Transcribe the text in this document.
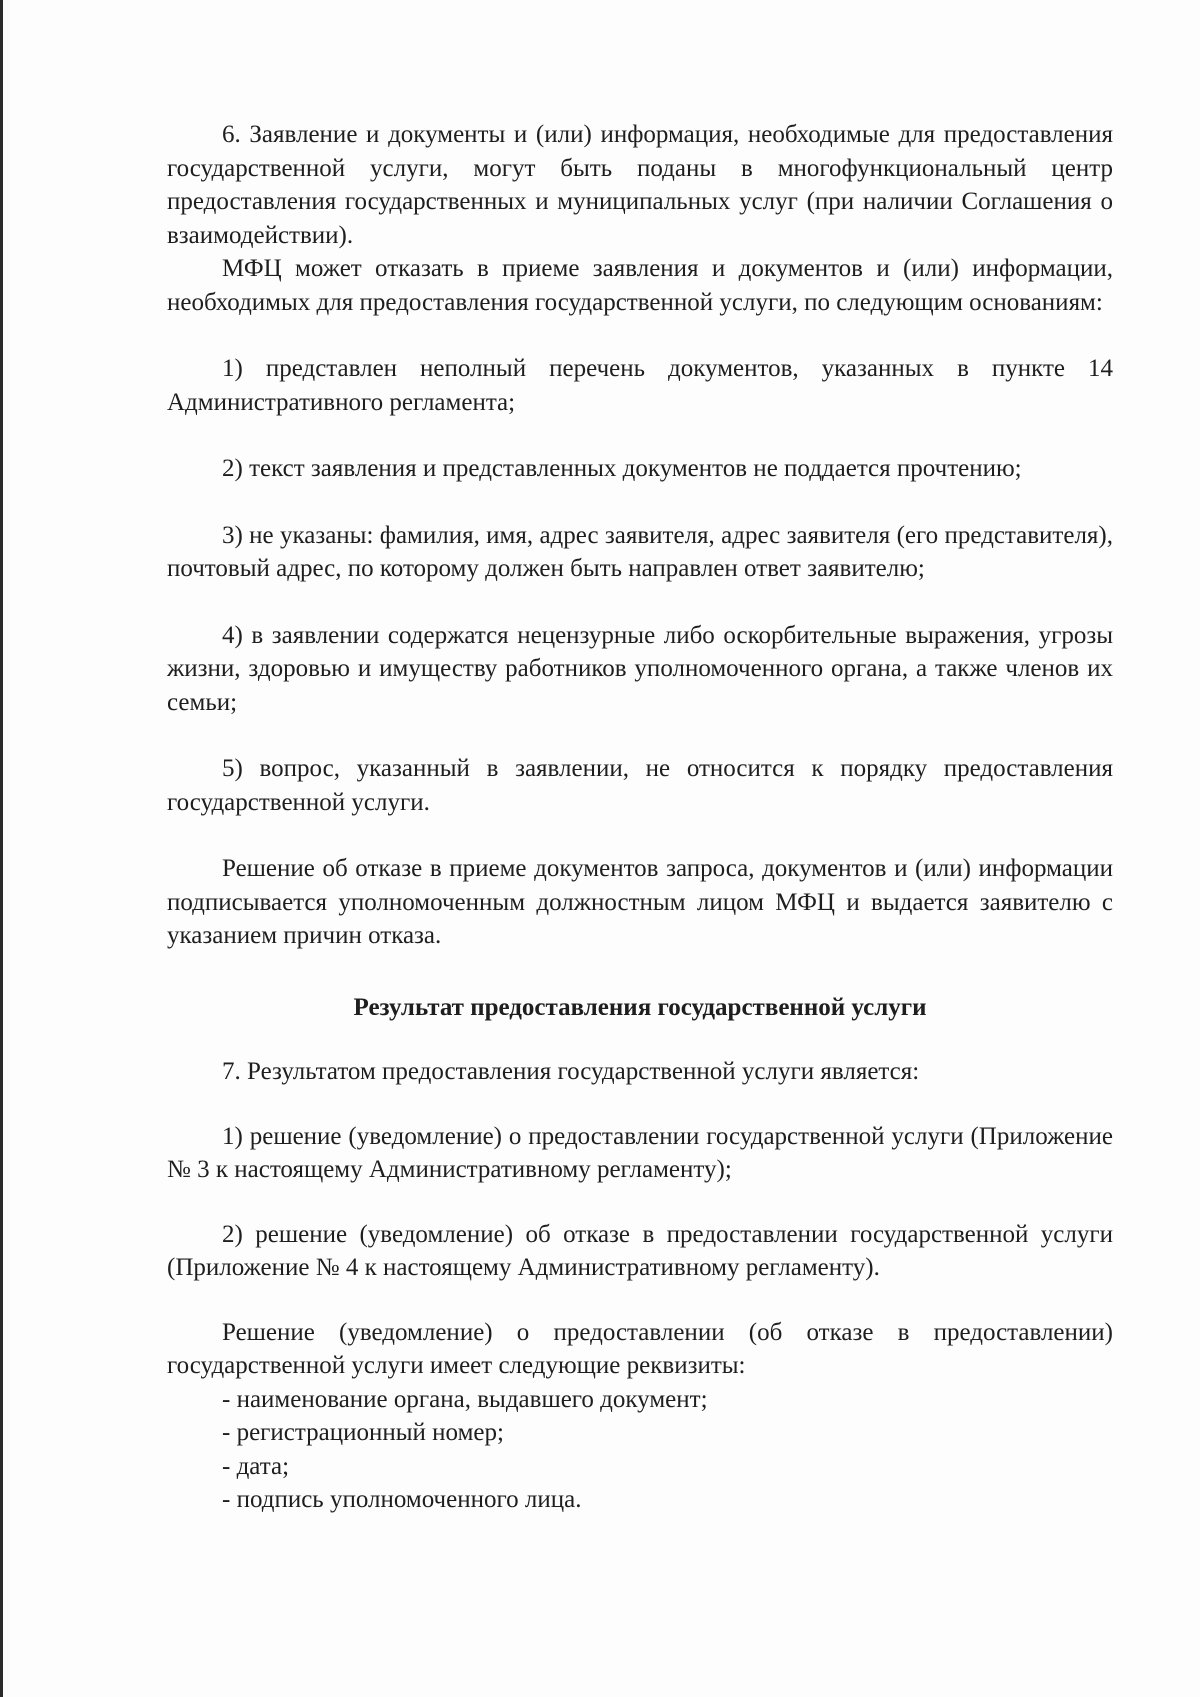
6. Заявление и документы и (или) информация, необходимые для предоставления государственной услуги, могут быть поданы в многофункциональный центр предоставления государственных и муниципальных услуг (при наличии Соглашения о взаимодействии).

МФЦ может отказать в приеме заявления и документов и (или) информации, необходимых для предоставления государственной услуги, по следующим основаниям:

1) представлен неполный перечень документов, указанных в пункте 14 Административного регламента;

2) текст заявления и представленных документов не поддается прочтению;

3) не указаны: фамилия, имя, адрес заявителя, адрес заявителя (его представителя), почтовый адрес, по которому должен быть направлен ответ заявителю;

4) в заявлении содержатся нецензурные либо оскорбительные выражения, угрозы жизни, здоровью и имуществу работников уполномоченного органа, а также членов их семьи;

5) вопрос, указанный в заявлении, не относится к порядку предоставления государственной услуги.

Решение об отказе в приеме документов запроса, документов и (или) информации подписывается уполномоченным должностным лицом МФЦ и выдается заявителю с указанием причин отказа.

Результат предоставления государственной услуги

7. Результатом предоставления государственной услуги является:

1) решение (уведомление) о предоставлении государственной услуги (Приложение № 3 к настоящему Административному регламенту);

2) решение (уведомление) об отказе в предоставлении государственной услуги (Приложение № 4 к настоящему Административному регламенту).

Решение (уведомление) о предоставлении (об отказе в предоставлении) государственной услуги имеет следующие реквизиты:

- наименование органа, выдавшего документ;

- регистрационный номер;

- дата;

- подпись уполномоченного лица.
